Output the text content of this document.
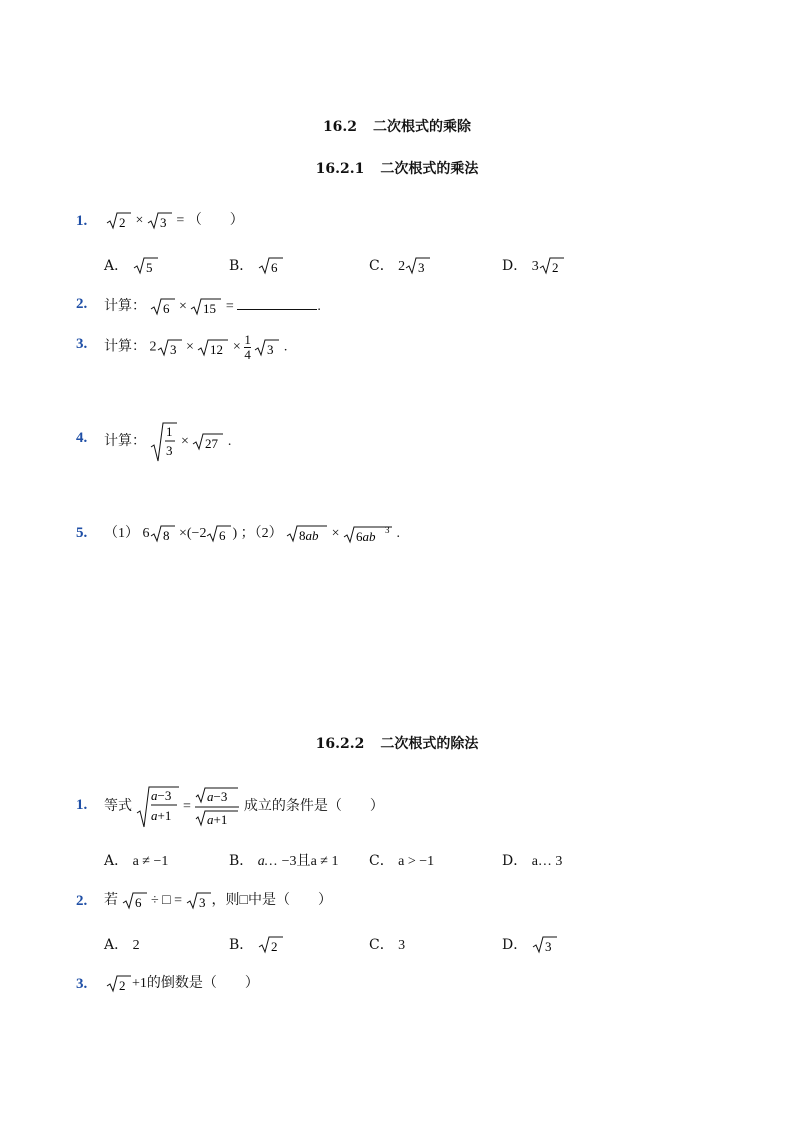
16.2 二次根式的乘除
16.2.1 二次根式的乘法
1. 2 × 3 = （　　）
A． 5	B． 6	C． 2 3	D． 3 2
2. 计算： 6 × 15 =	.
3. 计算： 2 $3 \times 12 \times \frac{1}{4}$
3 .
4. 计算：
1
3
× 27 .
5. （1） 6 8 ×(−2 6 ) ；（2） 8ab × 6ab 3 .
16.2.2 二次根式的除法
1. 等式
a−3
a+1
=
a−3
a+1
成立的条件是（　　）
A． a ≠ −1	B． a… −3且a ≠ 1 C． a > −1	D． a… 3
2. 若 6 ÷ □ = 3 ，则□中是（　　）
A． 2	B． 2	C． 3	D． 3
3. 2 +1的倒数是（　　）
